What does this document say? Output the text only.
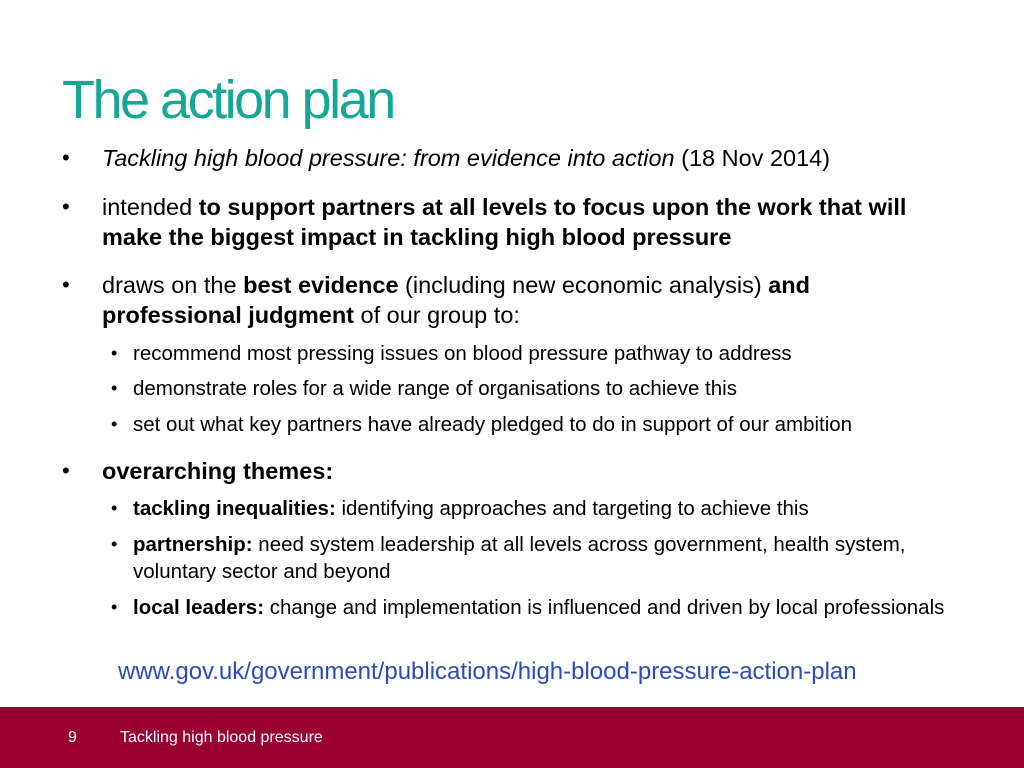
The action plan
• Tackling high blood pressure: from evidence into action (18 Nov 2014)
• intended to support partners at all levels to focus upon the work that will make the biggest impact in tackling high blood pressure
• draws on the best evidence (including new economic analysis) and professional judgment of our group to:
• recommend most pressing issues on blood pressure pathway to address
• demonstrate roles for a wide range of organisations to achieve this
• set out what key partners have already pledged to do in support of our ambition
• overarching themes:
• tackling inequalities: identifying approaches and targeting to achieve this
• partnership: need system leadership at all levels across government, health system, voluntary sector and beyond
• local leaders: change and implementation is influenced and driven by local professionals
www.gov.uk/government/publications/high-blood-pressure-action-plan
9	Tackling high blood pressure
